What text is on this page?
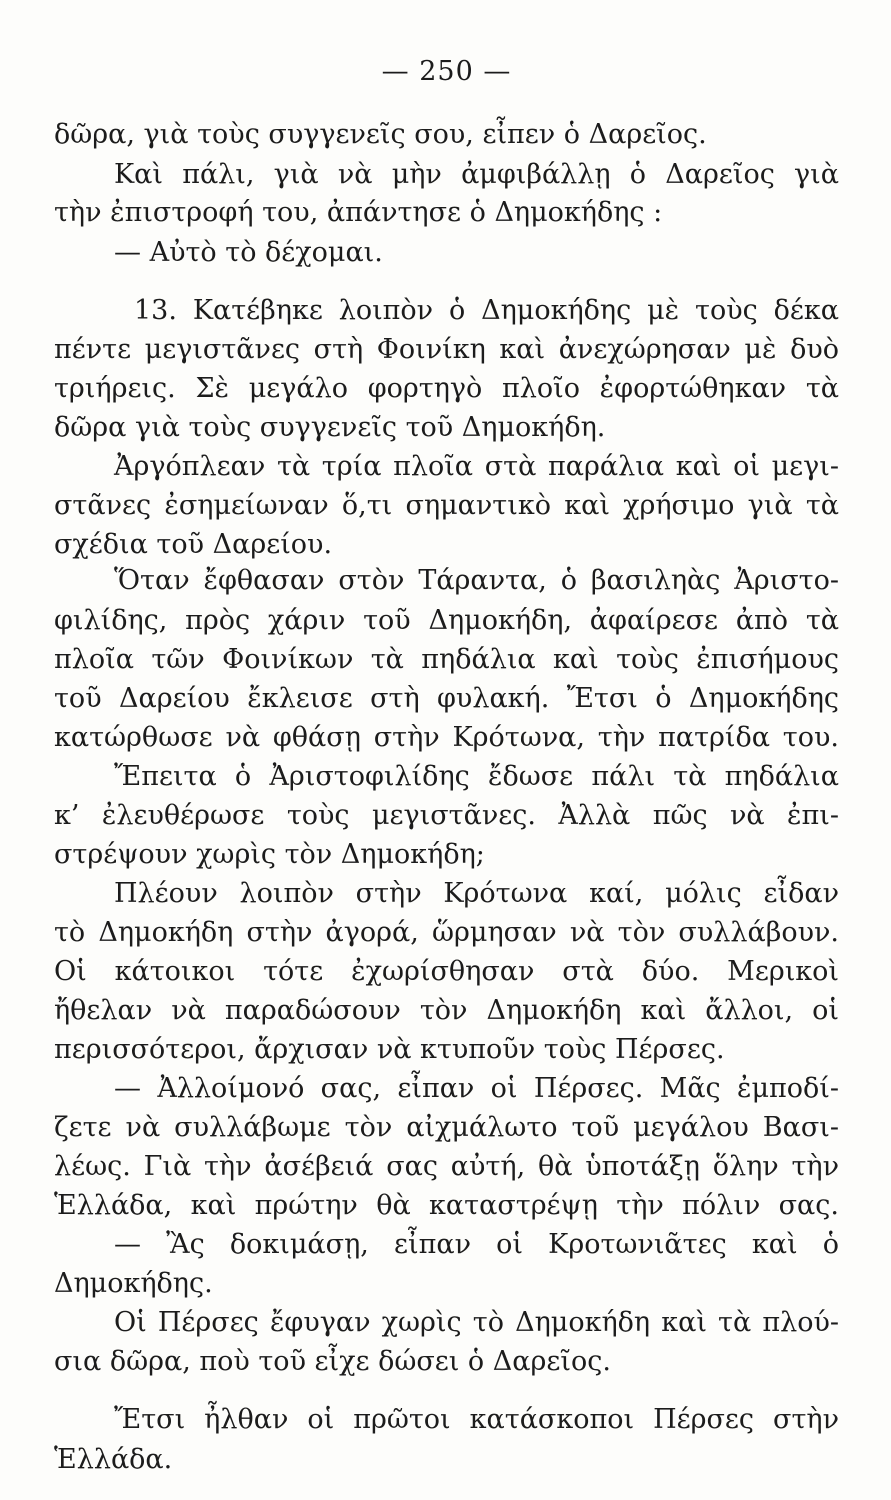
— 250 —
δῶρα, γιὰ τοὺς συγγενεῖς σου, εἶπεν ὁ Δαρεῖος.
Καὶ πάλι, γιὰ νὰ μὴν ἀμφιβάλλῃ ὁ Δαρεῖος γιὰ
τὴν ἐπιστροφή του, ἀπάντησε ὁ Δημοκήδης :
— Αὐτὸ τὸ δέχομαι.
13. Κατέβηκε λοιπὸν ὁ Δημοκήδης μὲ τοὺς δέκα
πέντε μεγιστᾶνες στὴ Φοινίκη καὶ ἀνεχώρησαν μὲ δυὸ
τριήρεις. Σὲ μεγάλο φορτηγὸ πλοῖο ἐφορτώθηκαν τὰ
δῶρα γιὰ τοὺς συγγενεῖς τοῦ Δημοκήδη.
Ἀργόπλεαν τὰ τρία πλοῖα στὰ παράλια καὶ οἱ μεγι-
στᾶνες ἐσημείωναν ὅ,τι σημαντικὸ καὶ χρήσιμο γιὰ τὰ
σχέδια τοῦ Δαρείου.
Ὅταν ἔφθασαν στὸν Τάραντα, ὁ βασιληὰς Ἀριστο-
φιλίδης, πρὸς χάριν τοῦ Δημοκήδη, ἀφαίρεσε ἀπὸ τὰ
πλοῖα τῶν Φοινίκων τὰ πηδάλια καὶ τοὺς ἐπισήμους
τοῦ Δαρείου ἔκλεισε στὴ φυλακή. Ἔτσι ὁ Δημοκήδης
κατώρθωσε νὰ φθάσῃ στὴν Κρότωνα, τὴν πατρίδα του.
Ἔπειτα ὁ Ἀριστοφιλίδης ἔδωσε πάλι τὰ πηδάλια
κ’ ἐλευθέρωσε τοὺς μεγιστᾶνες. Ἀλλὰ πῶς νὰ ἐπι-
στρέψουν χωρὶς τὸν Δημοκήδη;
Πλέουν λοιπὸν στὴν Κρότωνα καί, μόλις εἶδαν
τὸ Δημοκήδη στὴν ἀγορά, ὥρμησαν νὰ τὸν συλλάβουν.
Οἱ κάτοικοι τότε ἐχωρίσθησαν στὰ δύο. Μερικοὶ
ἤθελαν νὰ παραδώσουν τὸν Δημοκήδη καὶ ἄλλοι, οἱ
περισσότεροι, ἄρχισαν νὰ κτυποῦν τοὺς Πέρσες.
— Ἀλλοίμονό σας, εἶπαν οἱ Πέρσες. Μᾶς ἐμποδί-
ζετε νὰ συλλάβωμε τὸν αἰχμάλωτο τοῦ μεγάλου Βασι-
λέως. Γιὰ τὴν ἀσέβειά σας αὐτή, θὰ ὑποτάξῃ ὅλην τὴν
Ἑλλάδα, καὶ πρώτην θὰ καταστρέψῃ τὴν πόλιν σας.
— Ἂς δοκιμάσῃ, εἶπαν οἱ Κροτωνιᾶτες καὶ ὁ
Δημοκήδης.
Οἱ Πέρσες ἔφυγαν χωρὶς τὸ Δημοκήδη καὶ τὰ πλού-
σια δῶρα, ποὺ τοῦ εἶχε δώσει ὁ Δαρεῖος.
Ἔτσι ἦλθαν οἱ πρῶτοι κατάσκοποι Πέρσες στὴν
Ἑλλάδα.
